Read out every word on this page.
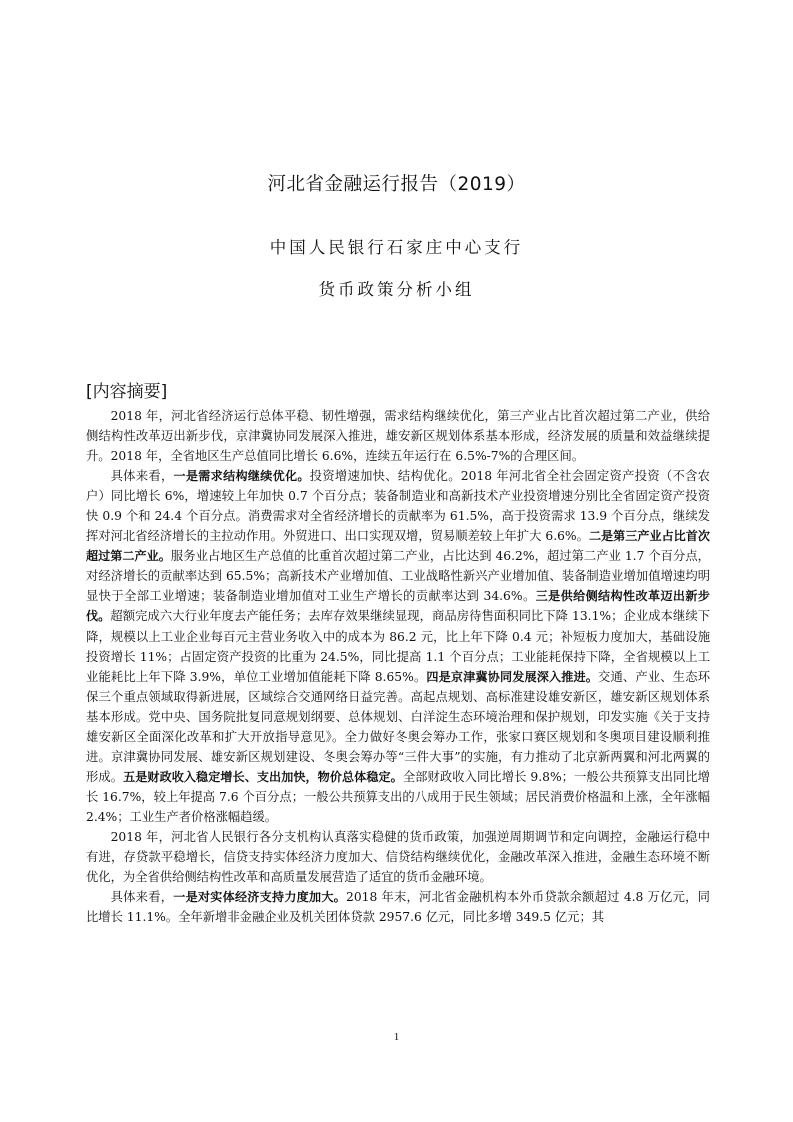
河北省金融运行报告（2019）
中国人民银行石家庄中心支行
货币政策分析小组
[内容摘要]

2018 年，河北省经济运行总体平稳、韧性增强，需求结构继续优化，第三产业占比首次超过第二产业，供给侧结构性改革迈出新步伐，京津冀协同发展深入推进，雄安新区规划体系基本形成，经济发展的质量和效益继续提升。2018 年，全省地区生产总值同比增长 6.6%，连续五年运行在 6.5%-7%的合理区间。

具体来看，一是需求结构继续优化。投资增速加快、结构优化。2018 年河北省全社会固定资产投资（不含农户）同比增长 6%，增速较上年加快 0.7 个百分点；装备制造业和高新技术产业投资增速分别比全省固定资产投资快 0.9 个和 24.4 个百分点。消费需求对全省经济增长的贡献率为 61.5%，高于投资需求 13.9 个百分点，继续发挥对河北省经济增长的主拉动作用。外贸进口、出口实现双增，贸易顺差较上年扩大 6.6%。二是第三产业占比首次超过第二产业。服务业占地区生产总值的比重首次超过第二产业，占比达到 46.2%，超过第二产业 1.7 个百分点，对经济增长的贡献率达到 65.5%；高新技术产业增加值、工业战略性新兴产业增加值、装备制造业增加值增速均明显快于全部工业增速；装备制造业增加值对工业生产增长的贡献率达到 34.6%。三是供给侧结构性改革迈出新步伐。超额完成六大行业年度去产能任务；去库存效果继续显现，商品房待售面积同比下降 13.1%；企业成本继续下降，规模以上工业企业每百元主营业务收入中的成本为 86.2 元，比上年下降 0.4 元；补短板力度加大，基础设施投资增长 11%；占固定资产投资的比重为 24.5%，同比提高 1.1 个百分点；工业能耗保持下降，全省规模以上工业能耗比上年下降 3.9%，单位工业增加值能耗下降 8.65%。四是京津冀协同发展深入推进。交通、产业、生态环保三个重点领域取得新进展，区域综合交通网络日益完善。高起点规划、高标准建设雄安新区，雄安新区规划体系基本形成。党中央、国务院批复同意规划纲要、总体规划、白洋淀生态环境治理和保护规划，印发实施《关于支持雄安新区全面深化改革和扩大开放指导意见》。全力做好冬奥会筹办工作，张家口赛区规划和冬奥项目建设顺利推进。京津冀协同发展、雄安新区规划建设、冬奥会筹办等“三件大事”的实施，有力推动了北京新两翼和河北两翼的形成。五是财政收入稳定增长、支出加快，物价总体稳定。全部财政收入同比增长 9.8%；一般公共预算支出同比增长 16.7%，较上年提高 7.6 个百分点；一般公共预算支出的八成用于民生领域；居民消费价格温和上涨，全年涨幅 2.4%；工业生产者价格涨幅趋缓。

2018 年，河北省人民银行各分支机构认真落实稳健的货币政策，加强逆周期调节和定向调控，金融运行稳中有进，存贷款平稳增长，信贷支持实体经济力度加大、信贷结构继续优化，金融改革深入推进，金融生态环境不断优化，为全省供给侧结构性改革和高质量发展营造了适宜的货币金融环境。

具体来看，一是对实体经济支持力度加大。2018 年末，河北省金融机构本外币贷款余额超过 4.8 万亿元，同比增长 11.1%。全年新增非金融企业及机关团体贷款 2957.6 亿元，同比多增 349.5 亿元；其

1
